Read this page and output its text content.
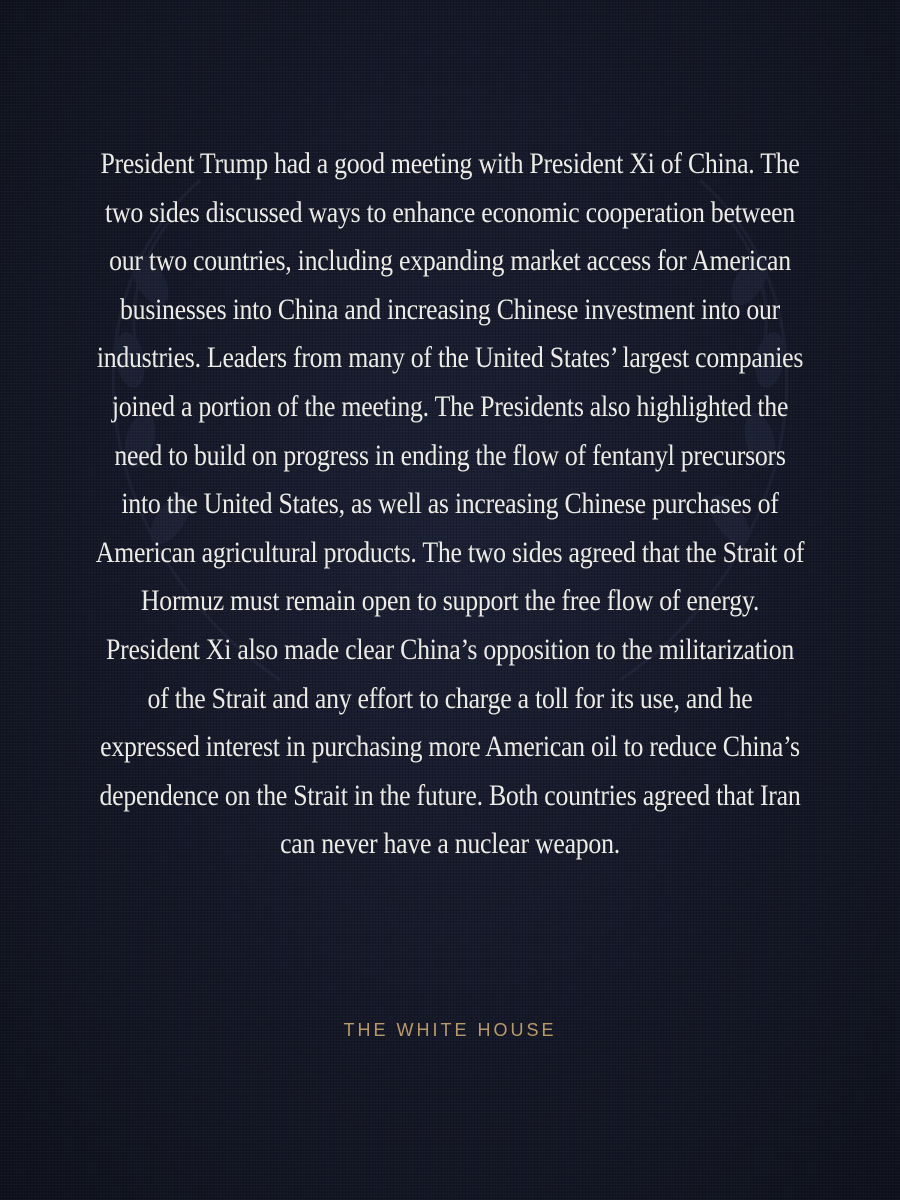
President Trump had a good meeting with President Xi of China. The two sides discussed ways to enhance economic cooperation between our two countries, including expanding market access for American businesses into China and increasing Chinese investment into our industries. Leaders from many of the United States’ largest companies joined a portion of the meeting. The Presidents also highlighted the need to build on progress in ending the flow of fentanyl precursors into the United States, as well as increasing Chinese purchases of American agricultural products. The two sides agreed that the Strait of Hormuz must remain open to support the free flow of energy. President Xi also made clear China’s opposition to the militarization of the Strait and any effort to charge a toll for its use, and he expressed interest in purchasing more American oil to reduce China’s dependence on the Strait in the future. Both countries agreed that Iran can never have a nuclear weapon.

THE WHITE HOUSE
